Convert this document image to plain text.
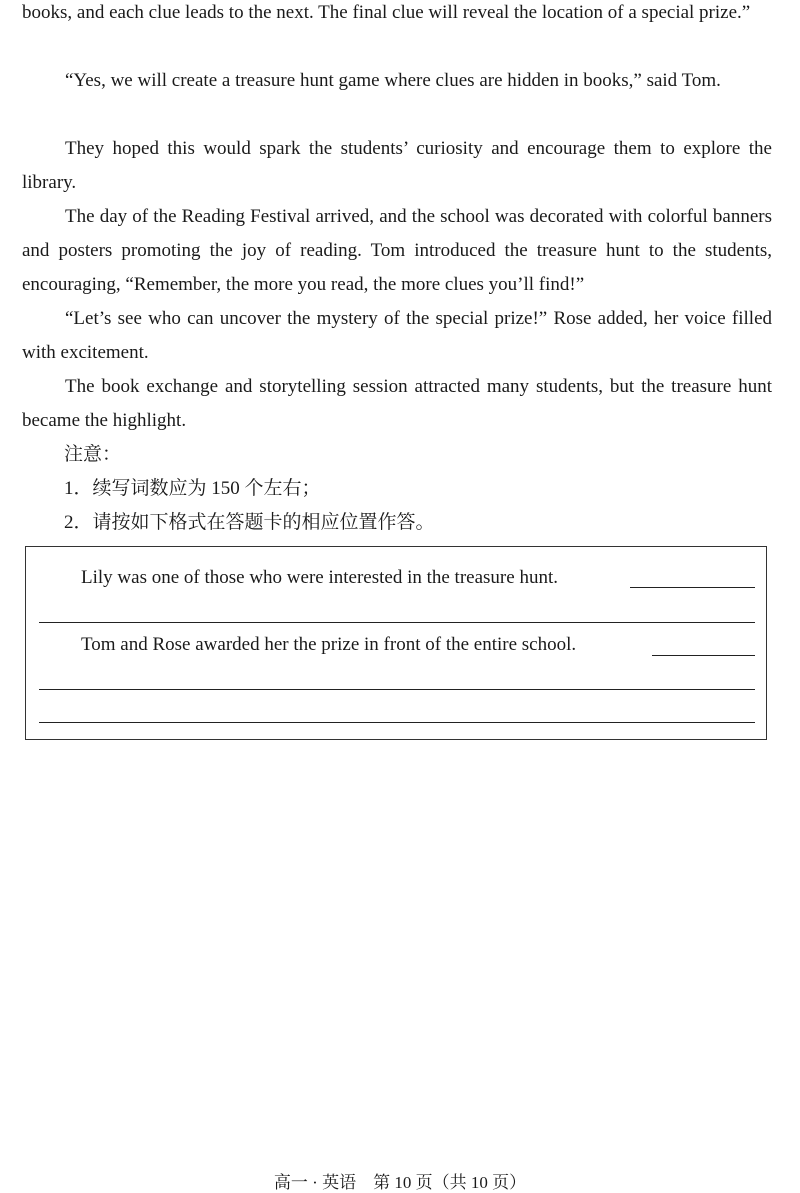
books, and each clue leads to the next. The final clue will reveal the location of a special prize.”

“Yes, we will create a treasure hunt game where clues are hidden in books,” said Tom.

They hoped this would spark the students’ curiosity and encourage them to explore the library.

The day of the Reading Festival arrived, and the school was decorated with colorful banners and posters promoting the joy of reading. Tom introduced the treasure hunt to the students, encouraging, “Remember, the more you read, the more clues you’ll find!”

“Let’s see who can uncover the mystery of the special prize!” Rose added, her voice filled with excitement.

The book exchange and storytelling session attracted many students, but the treasure hunt became the highlight.

注意：

1．续写词数应为 150 个左右；

2．请按如下格式在答题卡的相应位置作答。

Lily was one of those who were interested in the treasure hunt.
Tom and Rose awarded her the prize in front of the entire school.
高一 · 英语　第 10 页（共 10 页）
